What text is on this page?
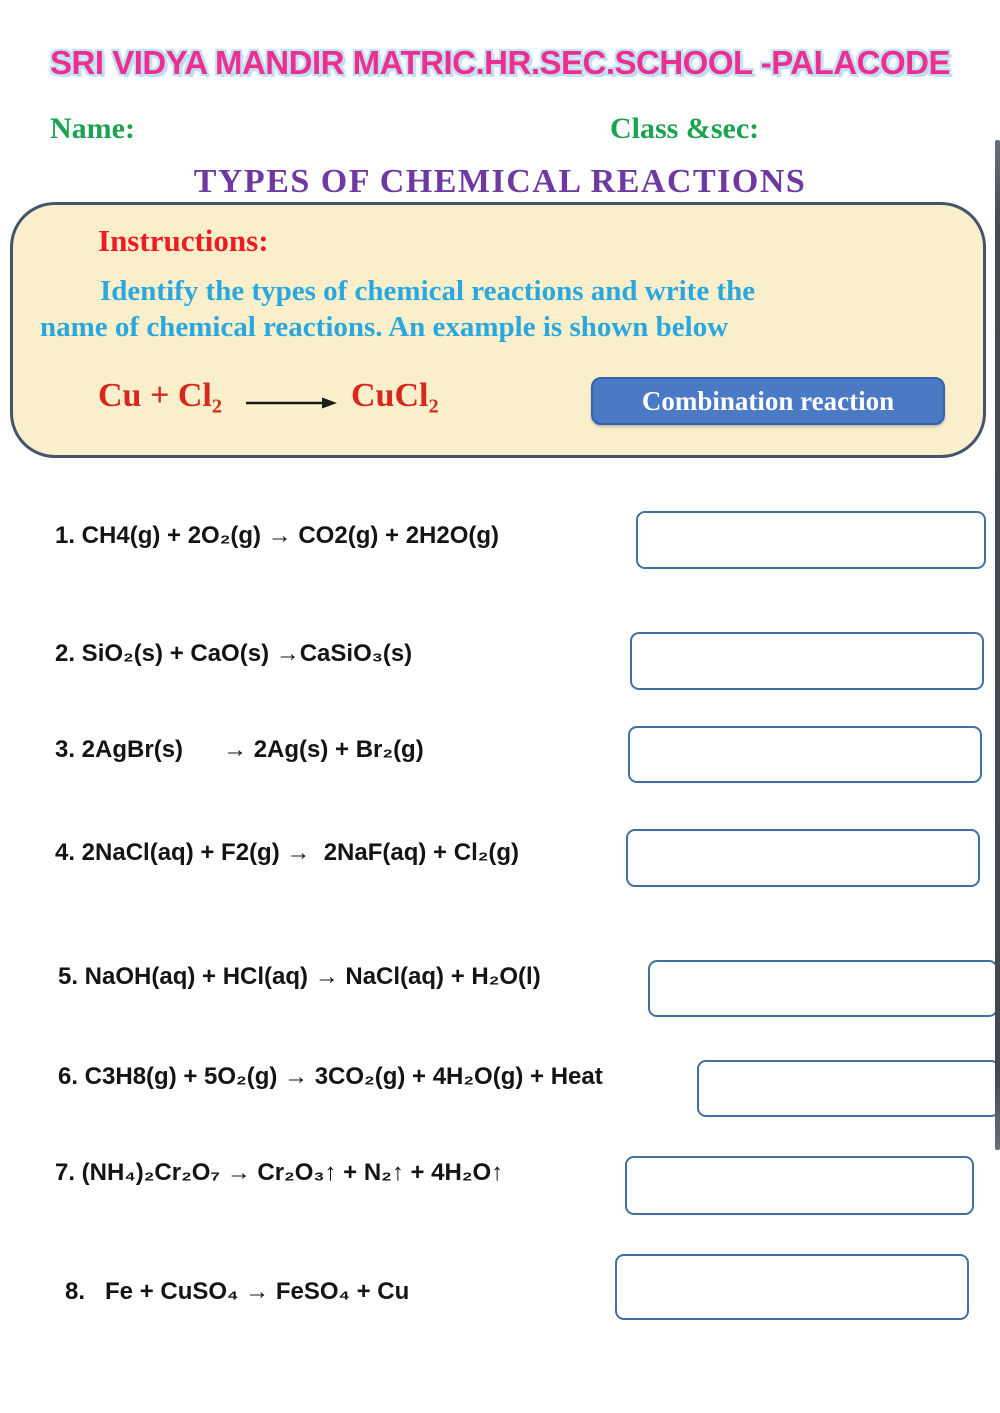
SRI VIDYA MANDIR MATRIC.HR.SEC.SCHOOL -PALACODE
Name:	Class &sec:
TYPES OF CHEMICAL REACTIONS
Instructions:
Identify the types of chemical reactions and write the
name of chemical reactions. An example is shown below
Cu + Cl₂	CuCl₂	Combination reaction
1. CH4(g) + 2O₂(g) → CO2(g) + 2H2O(g)
2. SiO₂(s) + CaO(s) →CaSiO₃(s)
3. 2AgBr(s)      → 2Ag(s) + Br₂(g)
4. 2NaCl(aq) + F2(g) →  2NaF(aq) + Cl₂(g)
5. NaOH(aq) + HCl(aq) → NaCl(aq) + H₂O(l)
6. C3H8(g) + 5O₂(g) → 3CO₂(g) + 4H₂O(g) + Heat
7. (NH₄)₂Cr₂O₇ → Cr₂O₃↑ + N₂↑ + 4H₂O↑
8.   Fe + CuSO₄ → FeSO₄ + Cu
